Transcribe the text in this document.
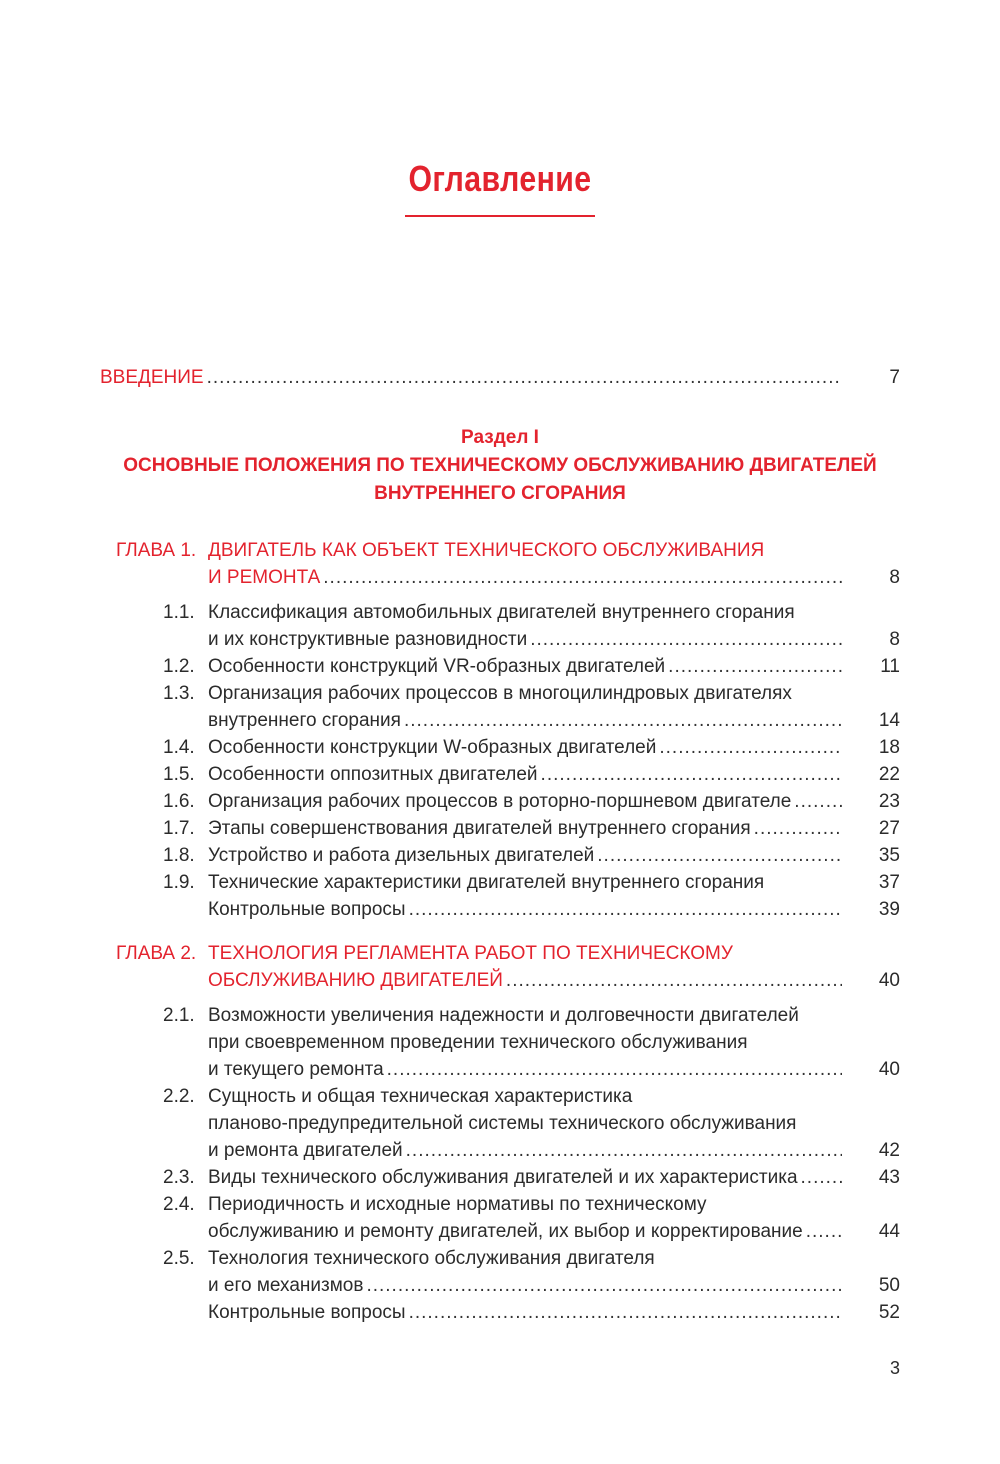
Оглавление
ВВЕДЕНИЕ .....	7
Раздел I
ОСНОВНЫЕ ПОЛОЖЕНИЯ ПО ТЕХНИЧЕСКОМУ ОБСЛУЖИВАНИЮ ДВИГАТЕЛЕЙ
ВНУТРЕННЕГО СГОРАНИЯ
ГЛАВА 1. ДВИГАТЕЛЬ КАК ОБЪЕКТ ТЕХНИЧЕСКОГО ОБСЛУЖИВАНИЯ
И РЕМОНТА .....	8
1.1. Классификация автомобильных двигателей внутреннего сгорания
и их конструктивные разновидности .....	8
1.2. Особенности конструкций VR-образных двигателей .....	11
1.3. Организация рабочих процессов в многоцилиндровых двигателях
внутреннего сгорания .....	14
1.4. Особенности конструкции W-образных двигателей .....	18
1.5. Особенности оппозитных двигателей .....	22
1.6. Организация рабочих процессов в роторно-поршневом двигателе .....	23
1.7. Этапы совершенствования двигателей внутреннего сгорания .....	27
1.8. Устройство и работа дизельных двигателей .....	35
1.9. Технические характеристики двигателей внутреннего сгорания	37
Контрольные вопросы .....	39
ГЛАВА 2. ТЕХНОЛОГИЯ РЕГЛАМЕНТА РАБОТ ПО ТЕХНИЧЕСКОМУ
ОБСЛУЖИВАНИЮ ДВИГАТЕЛЕЙ .....	40
2.1. Возможности увеличения надежности и долговечности двигателей
при своевременном проведении технического обслуживания
и текущего ремонта .....	40
2.2. Сущность и общая техническая характеристика
планово-предупредительной системы технического обслуживания
и ремонта двигателей .....	42
2.3. Виды технического обслуживания двигателей и их характеристика .....	43
2.4. Периодичность и исходные нормативы по техническому
обслуживанию и ремонту двигателей, их выбор и корректирование .....	44
2.5. Технология технического обслуживания двигателя
и его механизмов .....	50
Контрольные вопросы .....	52
3
